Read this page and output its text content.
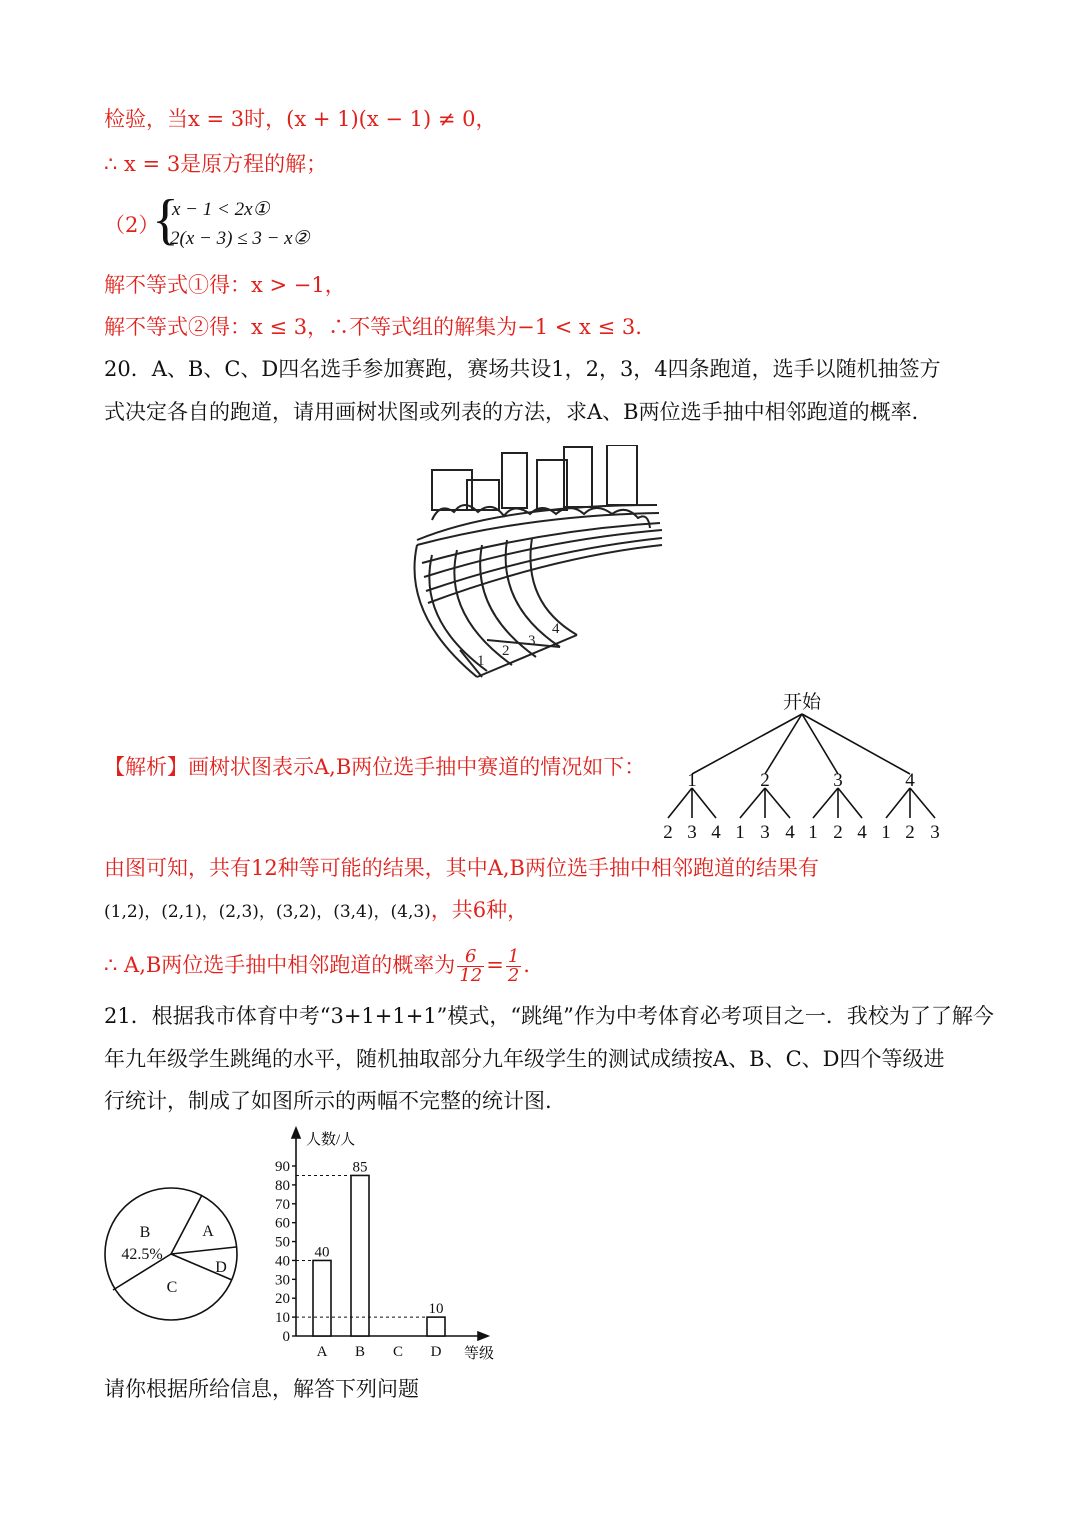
检验，当x = 3时，(x + 1)(x − 1) ≠ 0，
∴ x = 3是原方程的解；
（2）
{
x − 1 < 2x①
2(x − 3) ≤ 3 − x②
解不等式①得：x > −1，
解不等式②得：x ≤ 3，∴不等式组的解集为−1 < x ≤ 3.
20．A、B、C、D四名选手参加赛跑，赛场共设1，2，3，4四条跑道，选手以随机抽签方
式决定各自的跑道，请用画树状图或列表的方法，求A、B两位选手抽中相邻跑道的概率．
1
2
3
4
【解析】画树状图表示A,B两位选手抽中赛道的情况如下：
开始
1	2	3	4
2 3 4 1 3 4 1 2 4 1 2 3
由图可知，共有12种等可能的结果，其中A,B两位选手抽中相邻跑道的结果有
(1,2)，(2,1)，(2,3)，(3,2)，(3,4)，(4,3)，共6种，
∴ A,B两位选手抽中相邻跑道的概率为 $\frac{6}{12} = \frac{1}{2}$ .
21．根据我市体育中考“3+1+1+1”模式，“跳绳”作为中考体育必考项目之一．我校为了了解今
年九年级学生跳绳的水平，随机抽取部分九年级学生的测试成绩按A、B、C、D四个等级进
行统计，制成了如图所示的两幅不完整的统计图.
B
42.5%
A
D
C
人数/人
等级
0
10
20
30
40
50
60
70
80
90
A
40
B
85
C D
10
请你根据所给信息，解答下列问题
